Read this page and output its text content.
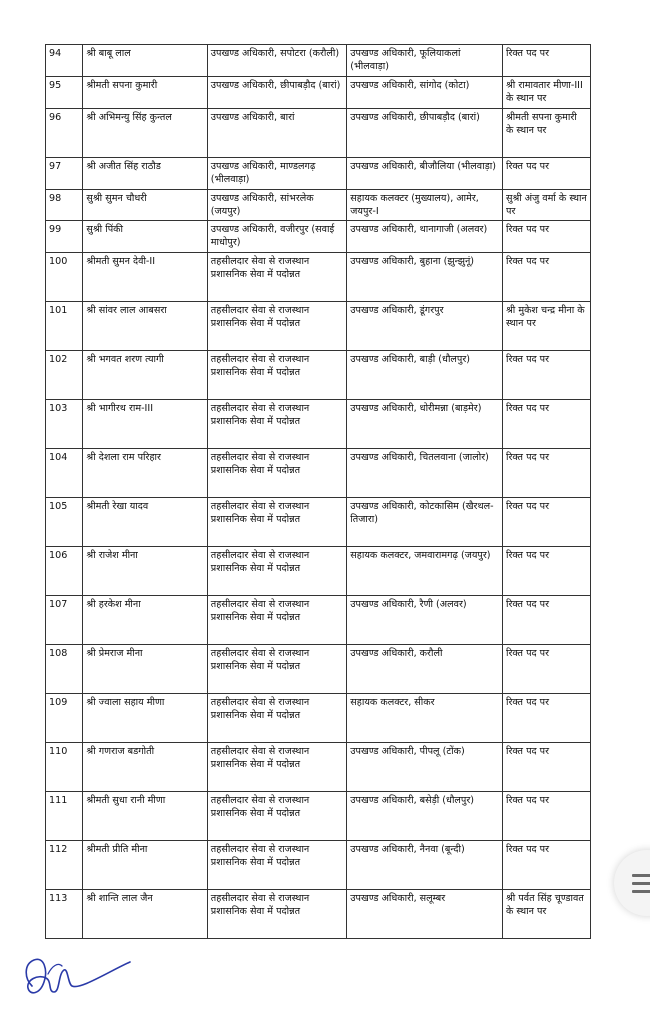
94	श्री बाबू लाल	उपखण्ड अधिकारी, सपोटरा (करौली)	उपखण्ड अधिकारी, फूलियाकलां (भीलवाड़ा)	रिक्त पद पर
95	श्रीमती सपना कुमारी	उपखण्ड अधिकारी, छीपाबड़ौद (बारां)	उपखण्ड अधिकारी, सांगोद (कोटा)	श्री रामावतार मीणा-III के स्थान पर
96	श्री अभिमन्यु सिंह कुन्तल	उपखण्ड अधिकारी, बारां	उपखण्ड अधिकारी, छीपाबड़ौद (बारां)	श्रीमती सपना कुमारी के स्थान पर
97	श्री अजीत सिंह राठौड	उपखण्ड अधिकारी, माण्डलगढ़ (भीलवाड़ा)	उपखण्ड अधिकारी, बीजौलिया (भीलवाड़ा)	रिक्त पद पर
98	सुश्री सुमन चौधरी	उपखण्ड अधिकारी, सांभरलेक (जयपुर)	सहायक कलक्टर (मुख्यालय), आमेर, जयपुर-I	सुश्री अंजु वर्मा के स्थान पर
99	सुश्री पिंकी	उपखण्ड अधिकारी, वजीरपुर (सवाई माधोपुर)	उपखण्ड अधिकारी, थानागाजी (अलवर)	रिक्त पद पर
100	श्रीमती सुमन देवी-II	तहसीलदार सेवा से राजस्थान प्रशासनिक सेवा में पदोन्नत	उपखण्ड अधिकारी, बुहाना (झुन्झुनूं)	रिक्त पद पर
101	श्री सांवर लाल आबसरा	तहसीलदार सेवा से राजस्थान प्रशासनिक सेवा में पदोन्नत	उपखण्ड अधिकारी, डूंगरपुर	श्री मुकेश चन्द्र मीना के स्थान पर
102	श्री भगवत शरण त्यागी	तहसीलदार सेवा से राजस्थान प्रशासनिक सेवा में पदोन्नत	उपखण्ड अधिकारी, बाड़ी (धौलपुर)	रिक्त पद पर
103	श्री भागीरथ राम-III	तहसीलदार सेवा से राजस्थान प्रशासनिक सेवा में पदोन्नत	उपखण्ड अधिकारी, धोरीमन्ना (बाड़मेर)	रिक्त पद पर
104	श्री देशला राम परिहार	तहसीलदार सेवा से राजस्थान प्रशासनिक सेवा में पदोन्नत	उपखण्ड अधिकारी, चितलवाना (जालोर)	रिक्त पद पर
105	श्रीमती रेखा यादव	तहसीलदार सेवा से राजस्थान प्रशासनिक सेवा में पदोन्नत	उपखण्ड अधिकारी, कोटकासिम (खैरथल-तिजारा)	रिक्त पद पर
106	श्री राजेश मीना	तहसीलदार सेवा से राजस्थान प्रशासनिक सेवा में पदोन्नत	सहायक कलक्टर, जमवारामगढ़ (जयपुर)	रिक्त पद पर
107	श्री हरकेश मीना	तहसीलदार सेवा से राजस्थान प्रशासनिक सेवा में पदोन्नत	उपखण्ड अधिकारी, रैणी (अलवर)	रिक्त पद पर
108	श्री प्रेमराज मीना	तहसीलदार सेवा से राजस्थान प्रशासनिक सेवा में पदोन्नत	उपखण्ड अधिकारी, करौली	रिक्त पद पर
109	श्री ज्वाला सहाय मीणा	तहसीलदार सेवा से राजस्थान प्रशासनिक सेवा में पदोन्नत	सहायक कलक्टर, सीकर	रिक्त पद पर
110	श्री गणराज बडगोती	तहसीलदार सेवा से राजस्थान प्रशासनिक सेवा में पदोन्नत	उपखण्ड अधिकारी, पीपलू (टोंक)	रिक्त पद पर
111	श्रीमती सुधा रानी मीणा	तहसीलदार सेवा से राजस्थान प्रशासनिक सेवा में पदोन्नत	उपखण्ड अधिकारी, बसेड़ी (धौलपुर)	रिक्त पद पर
112	श्रीमती प्रीति मीना	तहसीलदार सेवा से राजस्थान प्रशासनिक सेवा में पदोन्नत	उपखण्ड अधिकारी, नैनवा (बून्दी)	रिक्त पद पर
113	श्री शान्ति लाल जैन	तहसीलदार सेवा से राजस्थान प्रशासनिक सेवा में पदोन्नत	उपखण्ड अधिकारी, सलूम्बर	श्री पर्वत सिंह चूण्डावत के स्थान पर
